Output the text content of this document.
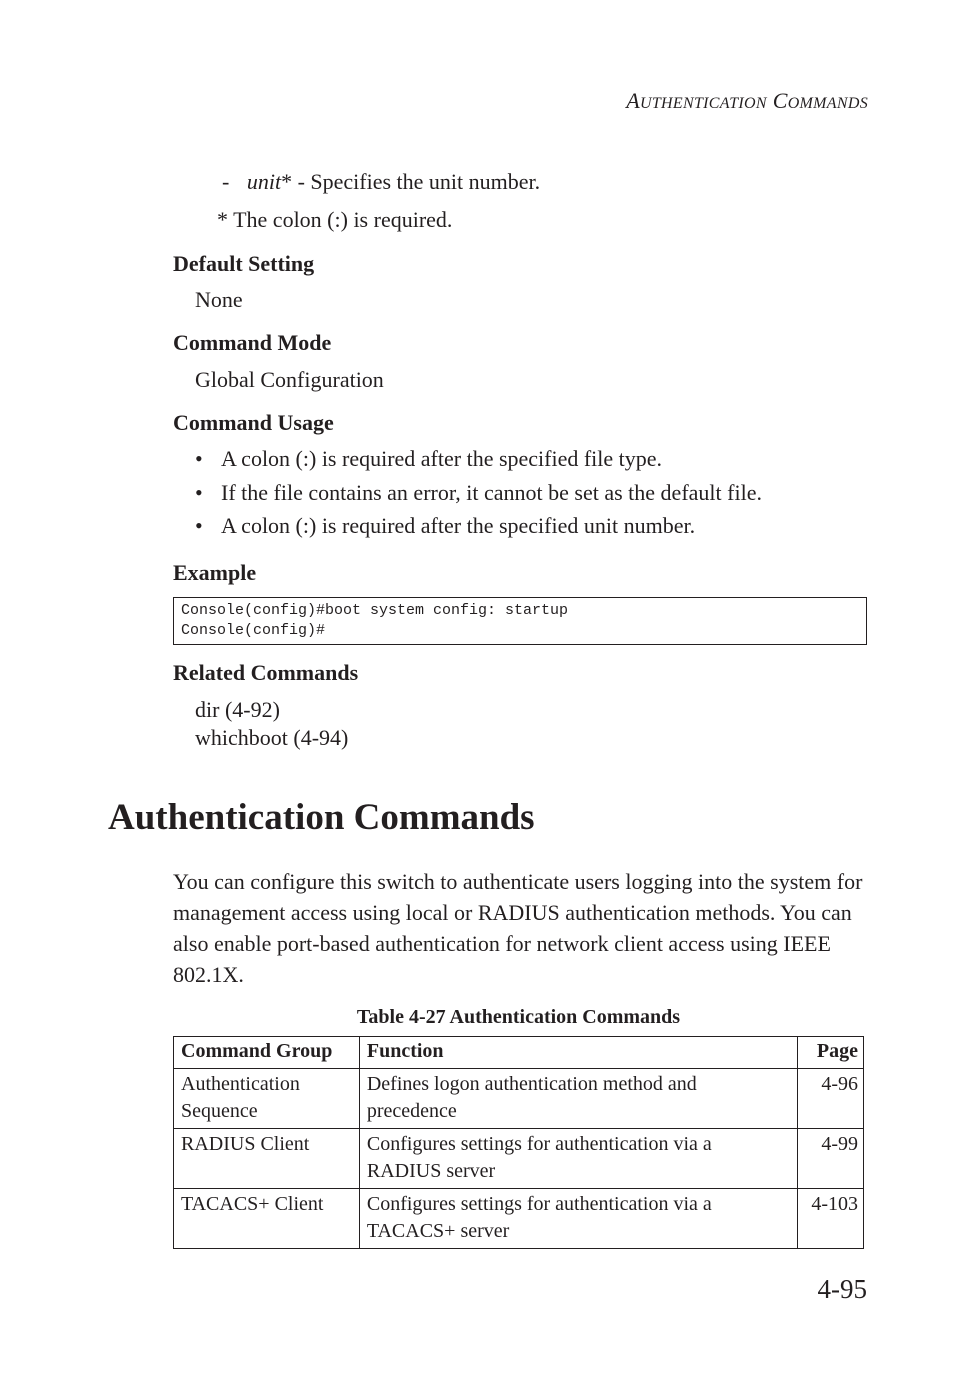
AUTHENTICATION COMMANDS
- unit* - Specifies the unit number.
* The colon (:) is required.
Default Setting
None
Command Mode
Global Configuration
Command Usage
• A colon (:) is required after the specified file type.
• If the file contains an error, it cannot be set as the default file.
• A colon (:) is required after the specified unit number.
Example
Console(config)#boot system config: startup
Console(config)#
Related Commands
dir (4-92)
whichboot (4-94)
Authentication Commands
You can configure this switch to authenticate users logging into the system for management access using local or RADIUS authentication methods. You can also enable port-based authentication for network client access using IEEE 802.1X.
Table 4-27 Authentication Commands
Command Group	Function	Page
Authentication Sequence	Defines logon authentication method and precedence	4-96
RADIUS Client	Configures settings for authentication via a RADIUS server	4-99
TACACS+ Client	Configures settings for authentication via a TACACS+ server	4-103
4-95
